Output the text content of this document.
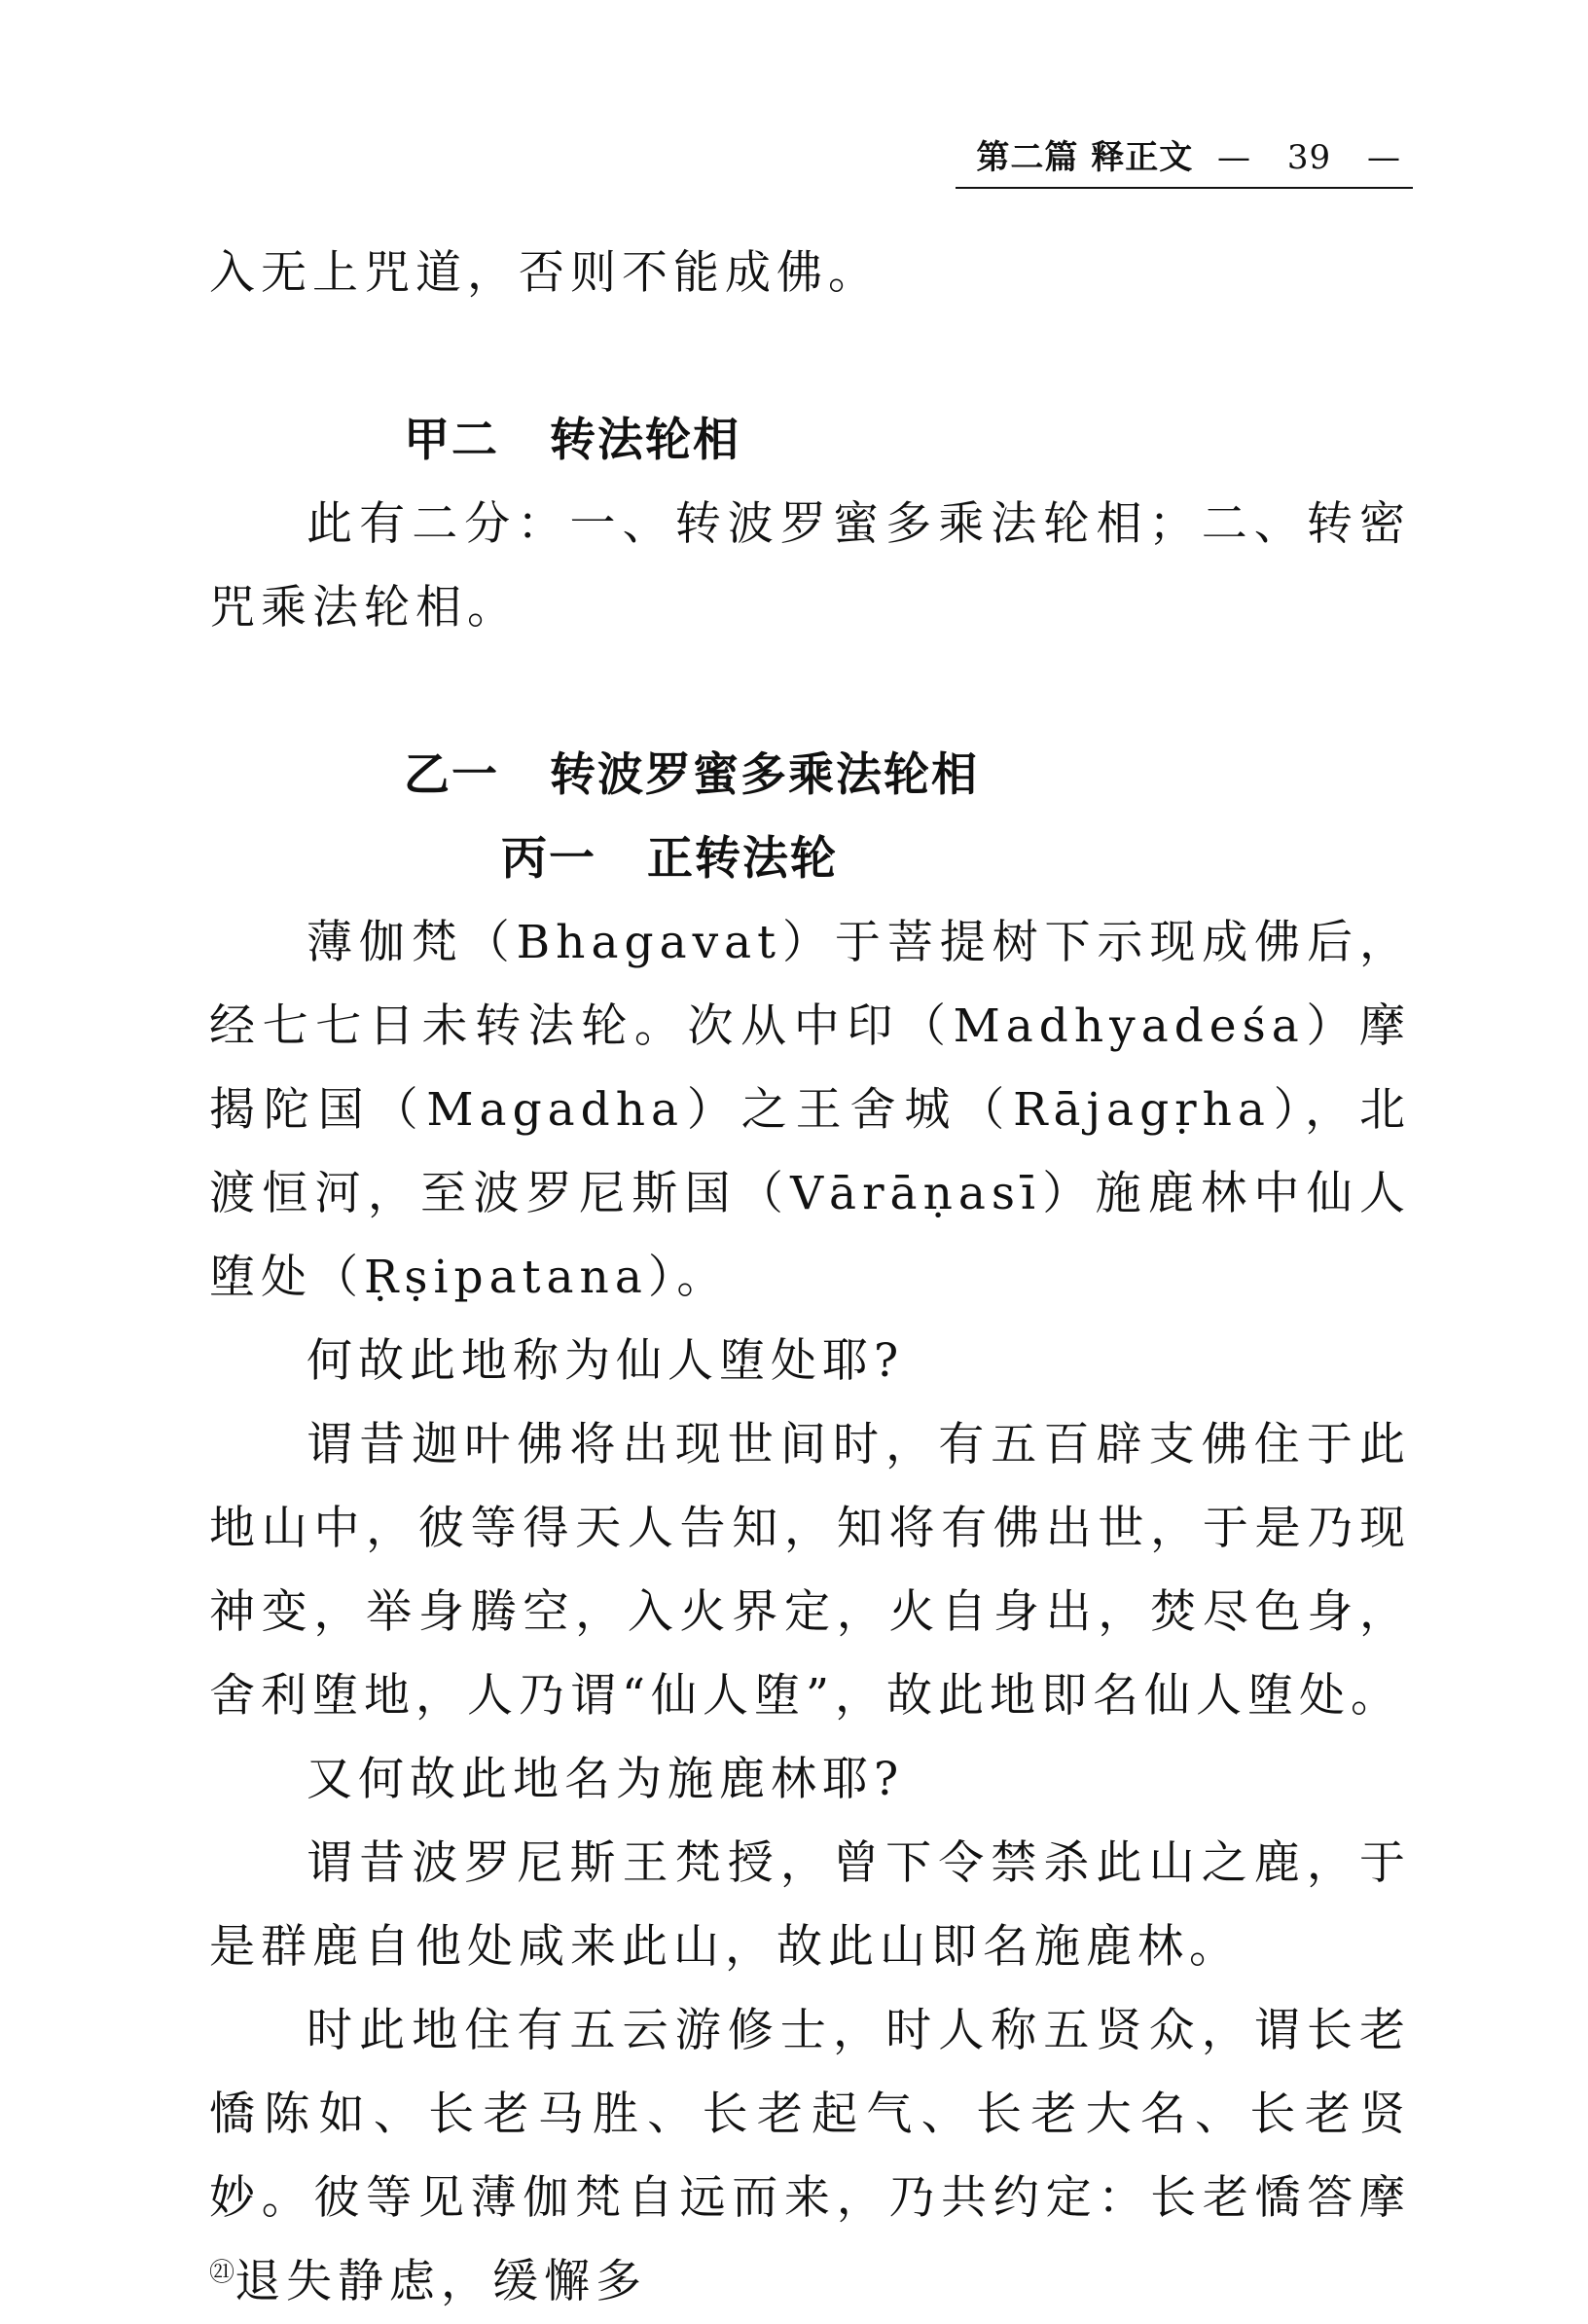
第二篇 释正文 — 39 —

入无上咒道，否则不能成佛。

甲二 转法轮相

此有二分：一、转波罗蜜多乘法轮相；二、转密咒乘法轮相。

乙一 转波罗蜜多乘法轮相

丙一 正转法轮

薄伽梵（Bhagavat）于菩提树下示现成佛后，经七七日未转法轮。次从中印（Madhyadeśa）摩揭陀国（Magadha）之王舍城（Rājagṛha），北渡恒河，至波罗尼斯国（Vārāṇasī）施鹿林中仙人堕处（Ṛṣipatana）。

何故此地称为仙人堕处耶?

谓昔迦叶佛将出现世间时，有五百辟支佛住于此地山中，彼等得天人告知，知将有佛出世，于是乃现神变，举身腾空，入火界定，火自身出，焚尽色身，舍利堕地，人乃谓“仙人堕”，故此地即名仙人堕处。

又何故此地名为施鹿林耶?

谓昔波罗尼斯王梵授，曾下令禁杀此山之鹿，于是群鹿自他处咸来此山，故此山即名施鹿林。

时此地住有五云游修士，时人称五贤众，谓长老憍陈如、长老马胜、长老起气、长老大名、长老贤妙。彼等见薄伽梵自远而来，乃共约定：长老憍答摩$^㉑$退失静虑，缓懈多
